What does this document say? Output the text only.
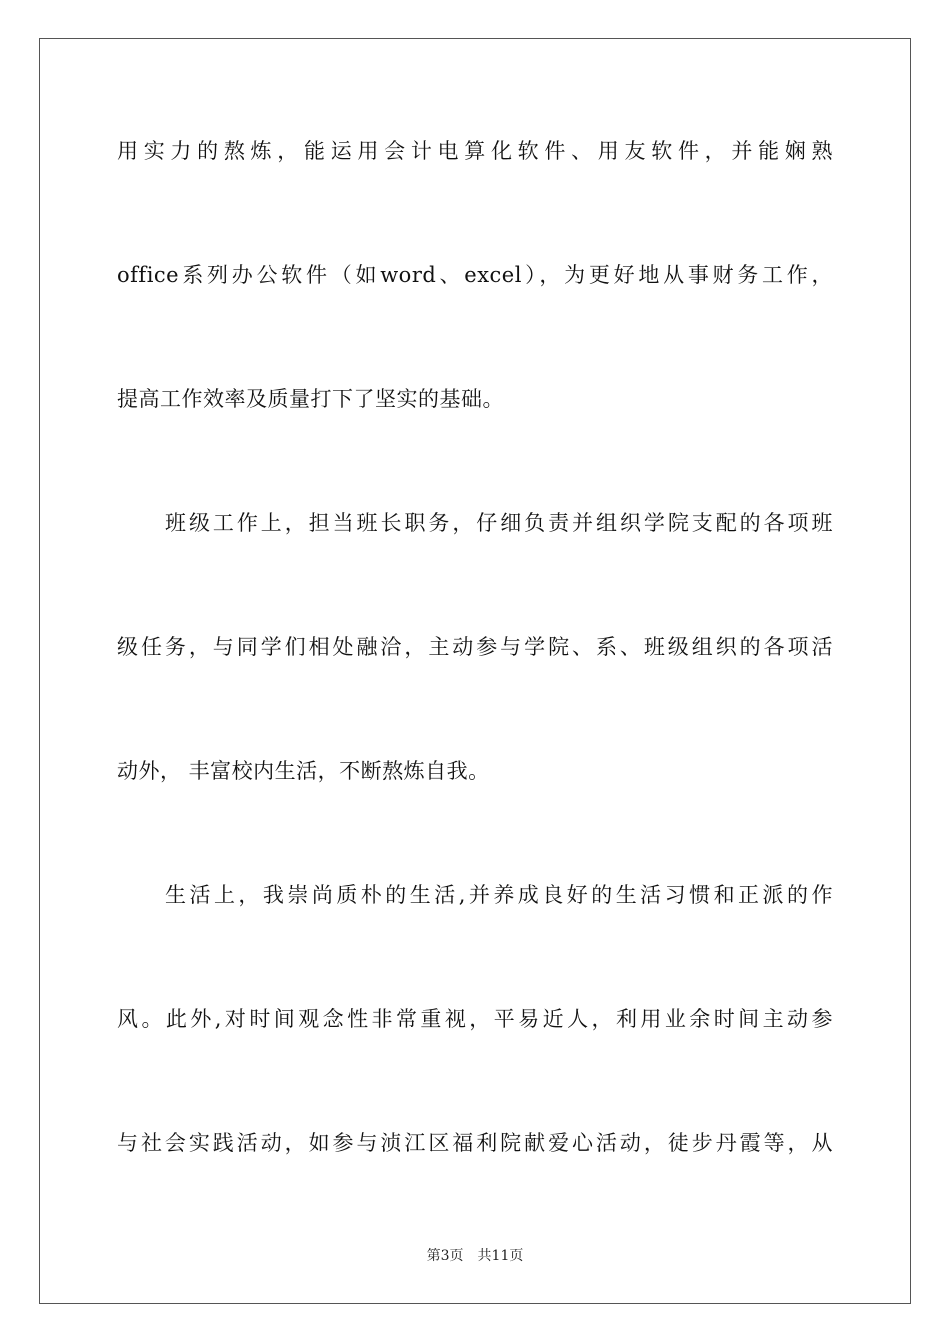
用实力的熬炼，能运用会计电算化软件、用友软件，并能娴熟
office系列办公软件（如word、excel），为更好地从事财务工作，
提高工作效率及质量打下了坚实的基础。
班级工作上，担当班长职务，仔细负责并组织学院支配的各项班
级任务，与同学们相处融洽，主动参与学院、系、班级组织的各项活
动外， 丰富校内生活，不断熬炼自我。
生活上，我崇尚质朴的生活,并养成良好的生活习惯和正派的作
风。此外,对时间观念性非常重视，平易近人，利用业余时间主动参
与社会实践活动，如参与浈江区福利院献爱心活动，徒步丹霞等，从
第3页　共11页
